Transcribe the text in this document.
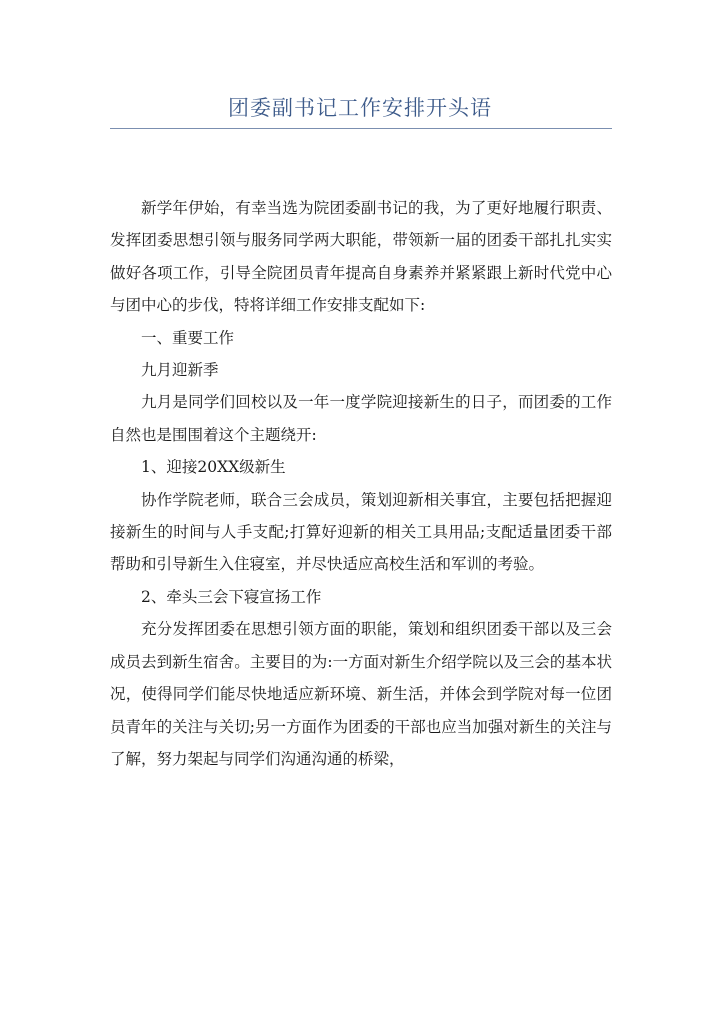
团委副书记工作安排开头语

新学年伊始，有幸当选为院团委副书记的我，为了更好地履行职责、发挥团委思想引领与服务同学两大职能，带领新一届的团委干部扎扎实实做好各项工作，引导全院团员青年提高自身素养并紧紧跟上新时代党中心与团中心的步伐，特将详细工作安排支配如下:

一、重要工作

九月迎新季

九月是同学们回校以及一年一度学院迎接新生的日子，而团委的工作自然也是围围着这个主题绕开:

1、迎接20XX级新生

协作学院老师，联合三会成员，策划迎新相关事宜，主要包括把握迎接新生的时间与人手支配;打算好迎新的相关工具用品;支配适量团委干部帮助和引导新生入住寝室，并尽快适应高校生活和军训的考验。

2、牵头三会下寝宣扬工作

充分发挥团委在思想引领方面的职能，策划和组织团委干部以及三会成员去到新生宿舍。主要目的为:一方面对新生介绍学院以及三会的基本状况，使得同学们能尽快地适应新环境、新生活，并体会到学院对每一位团员青年的关注与关切;另一方面作为团委的干部也应当加强对新生的关注与了解，努力架起与同学们沟通沟通的桥梁，
